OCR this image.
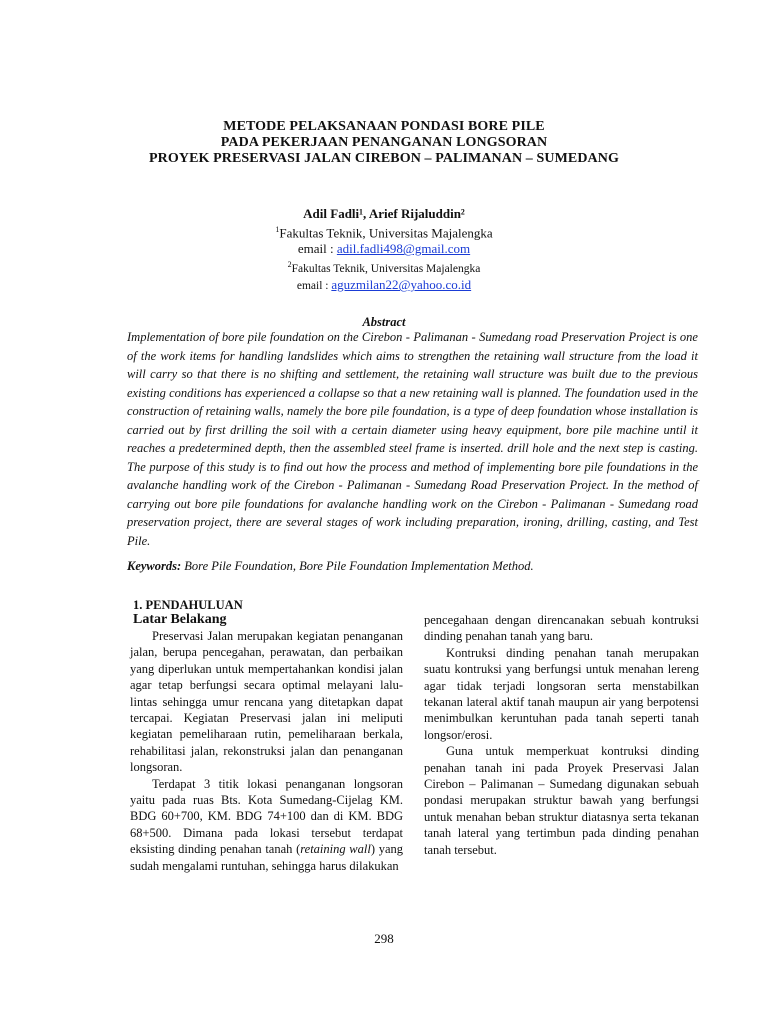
METODE PELAKSANAAN PONDASI BORE PILE
PADA PEKERJAAN PENANGANAN LONGSORAN
PROYEK PRESERVASI JALAN CIREBON – PALIMANAN – SUMEDANG
Adil Fadli¹, Arief Rijaluddin²
$^1$Fakultas Teknik, Universitas Majalengka
email : adil.fadli498@gmail.com
$^2$Fakultas Teknik, Universitas Majalengka
email : aguzmilan22@yahoo.co.id
Abstract
Implementation of bore pile foundation on the Cirebon - Palimanan - Sumedang road Preservation Project is one of the work items for handling landslides which aims to strengthen the retaining wall structure from the load it will carry so that there is no shifting and settlement, the retaining wall structure was built due to the previous existing conditions has experienced a collapse so that a new retaining wall is planned. The foundation used in the construction of retaining walls, namely the bore pile foundation, is a type of deep foundation whose installation is carried out by first drilling the soil with a certain diameter using heavy equipment, bore pile machine until it reaches a predetermined depth, then the assembled steel frame is inserted. drill hole and the next step is casting. The purpose of this study is to find out how the process and method of implementing bore pile foundations in the avalanche handling work of the Cirebon - Palimanan - Sumedang Road Preservation Project. In the method of carrying out bore pile foundations for avalanche handling work on the Cirebon - Palimanan - Sumedang road preservation project, there are several stages of work including preparation, ironing, drilling, casting, and Test Pile.
Keywords: Bore Pile Foundation, Bore Pile Foundation Implementation Method.
1. PENDAHULUAN
Latar Belakang

Preservasi Jalan merupakan kegiatan penanganan jalan, berupa pencegahan, perawatan, dan perbaikan yang diperlukan untuk mempertahankan kondisi jalan agar tetap berfungsi secara optimal melayani lalu-lintas sehingga umur rencana yang ditetapkan dapat tercapai. Kegiatan Preservasi jalan ini meliputi kegiatan pemeliharaan rutin, pemeliharaan berkala, rehabilitasi jalan, rekonstruksi jalan dan penanganan longsoran.

Terdapat 3 titik lokasi penanganan longsoran yaitu pada ruas Bts. Kota Sumedang-Cijelag KM. BDG 60+700, KM. BDG 74+100 dan di KM. BDG 68+500. Dimana pada lokasi tersebut terdapat eksisting dinding penahan tanah (retaining wall) yang sudah mengalami runtuhan, sehingga harus dilakukan

pencegahaan dengan direncanakan sebuah kontruksi dinding penahan tanah yang baru.

Kontruksi dinding penahan tanah merupakan suatu kontruksi yang berfungsi untuk menahan lereng agar tidak terjadi longsoran serta menstabilkan tekanan lateral aktif tanah maupun air yang berpotensi menimbulkan keruntuhan pada tanah seperti tanah longsor/erosi.

Guna untuk memperkuat kontruksi dinding penahan tanah ini pada Proyek Preservasi Jalan Cirebon – Palimanan – Sumedang digunakan sebuah pondasi merupakan struktur bawah yang berfungsi untuk menahan beban struktur diatasnya serta tekanan tanah lateral yang tertimbun pada dinding penahan tanah tersebut.

298
